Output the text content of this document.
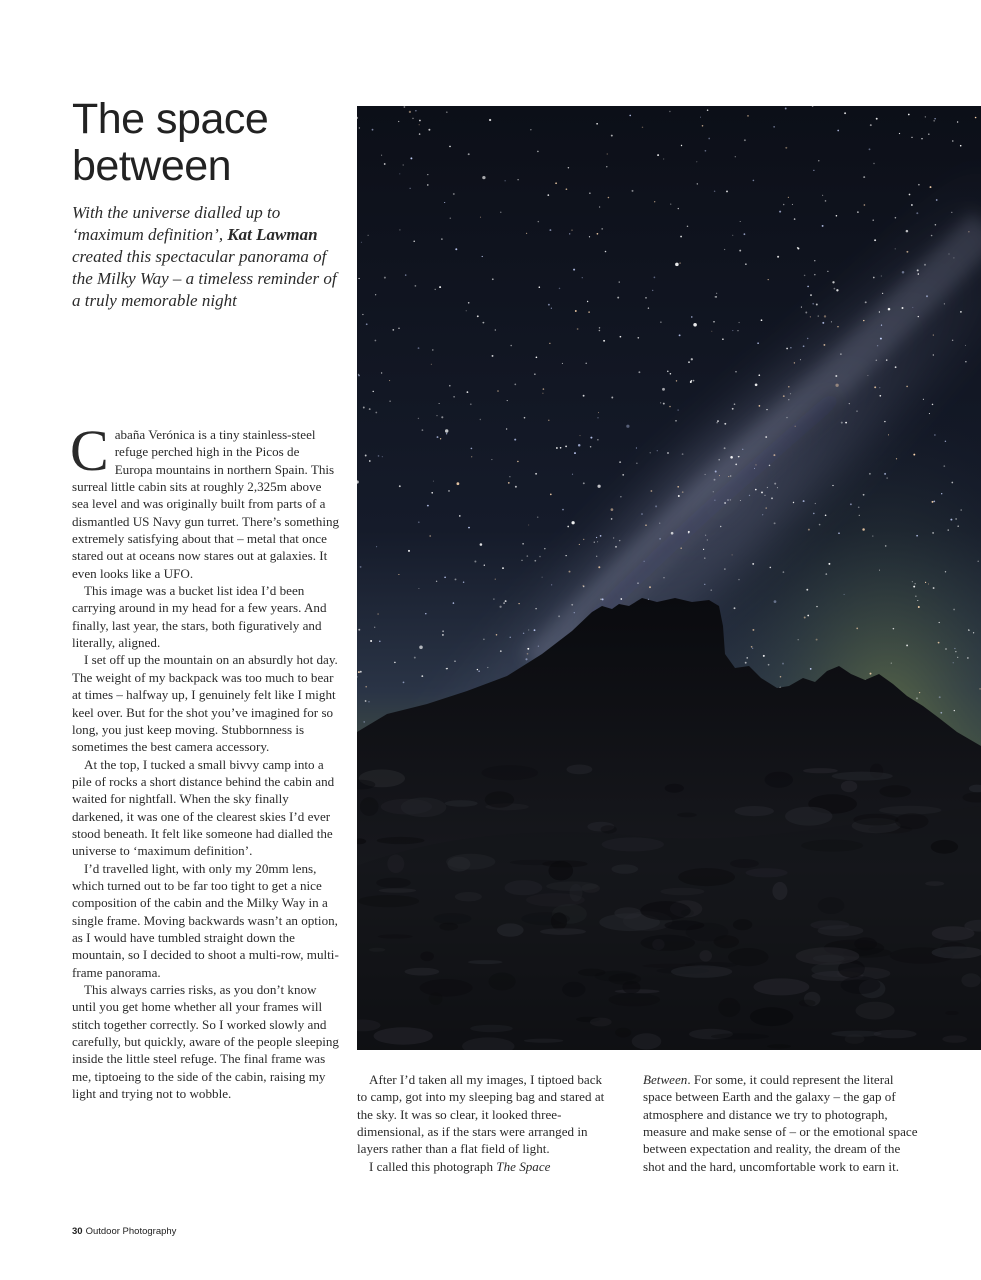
The space
between

With the universe dialled up to ‘maximum definition’, Kat Lawman created this spectacular panorama of the Milky Way – a timeless reminder of a truly memorable night

Cabaña Verónica is a tiny stainless-steel refuge perched high in the Picos de Europa mountains in northern Spain. This surreal little cabin sits at roughly 2,325m above sea level and was originally built from parts of a dismantled US Navy gun turret. There’s something extremely satisfying about that – metal that once stared out at oceans now stares out at galaxies. It even looks like a UFO.

This image was a bucket list idea I’d been carrying around in my head for a few years. And finally, last year, the stars, both figuratively and literally, aligned.

I set off up the mountain on an absurdly hot day. The weight of my backpack was too much to bear at times – halfway up, I genuinely felt like I might keel over. But for the shot you’ve imagined for so long, you just keep moving. Stubbornness is sometimes the best camera accessory.

At the top, I tucked a small bivvy camp into a pile of rocks a short distance behind the cabin and waited for nightfall. When the sky finally darkened, it was one of the clearest skies I’d ever stood beneath. It felt like someone had dialled the universe to ‘maximum definition’.

I’d travelled light, with only my 20mm lens, which turned out to be far too tight to get a nice composition of the cabin and the Milky Way in a single frame. Moving backwards wasn’t an option, as I would have tumbled straight down the mountain, so I decided to shoot a multi-row, multi-frame panorama.

This always carries risks, as you don’t know until you get home whether all your frames will stitch together correctly. So I worked slowly and carefully, but quickly, aware of the people sleeping inside the little steel refuge. The final frame was me, tiptoeing to the side of the cabin, raising my light and trying not to wobble.

After I’d taken all my images, I tiptoed back to camp, got into my sleeping bag and stared at the sky. It was so clear, it looked three-dimensional, as if the stars were arranged in layers rather than a flat field of light.

I called this photograph The Space

Between. For some, it could represent the literal space between Earth and the galaxy – the gap of atmosphere and distance we try to photograph, measure and make sense of – or the emotional space between expectation and reality, the dream of the shot and the hard, uncomfortable work to earn it.

30 Outdoor Photography
